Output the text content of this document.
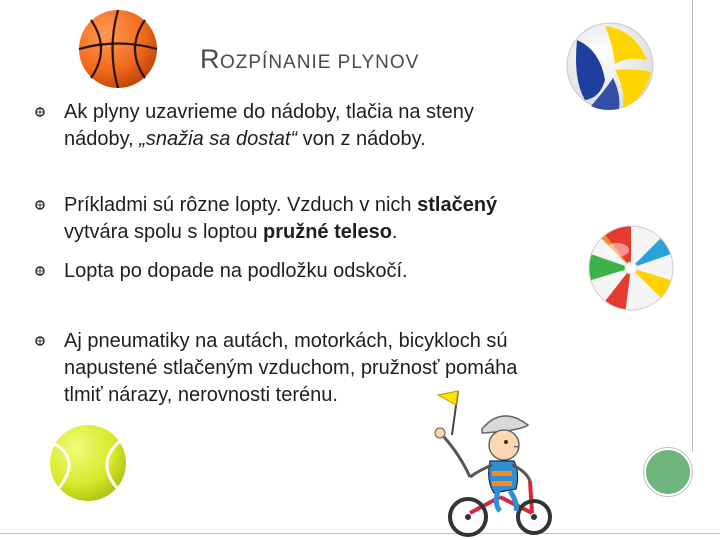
ROZPÍNANIE PLYNOV
Ak plyny uzavrieme do nádoby, tlačia na steny
nádoby, „snažia sa dostat“ von z nádoby.
Príkladmi sú rôzne lopty. Vzduch v nich stlačený
vytvára spolu s loptou pružné teleso.
Lopta po dopade na podložku odskočí.
Aj pneumatiky na autách, motorkách, bicykloch sú
napustené stlačeným vzduchom, pružnosť pomáha
tlmiť nárazy, nerovnosti terénu.
